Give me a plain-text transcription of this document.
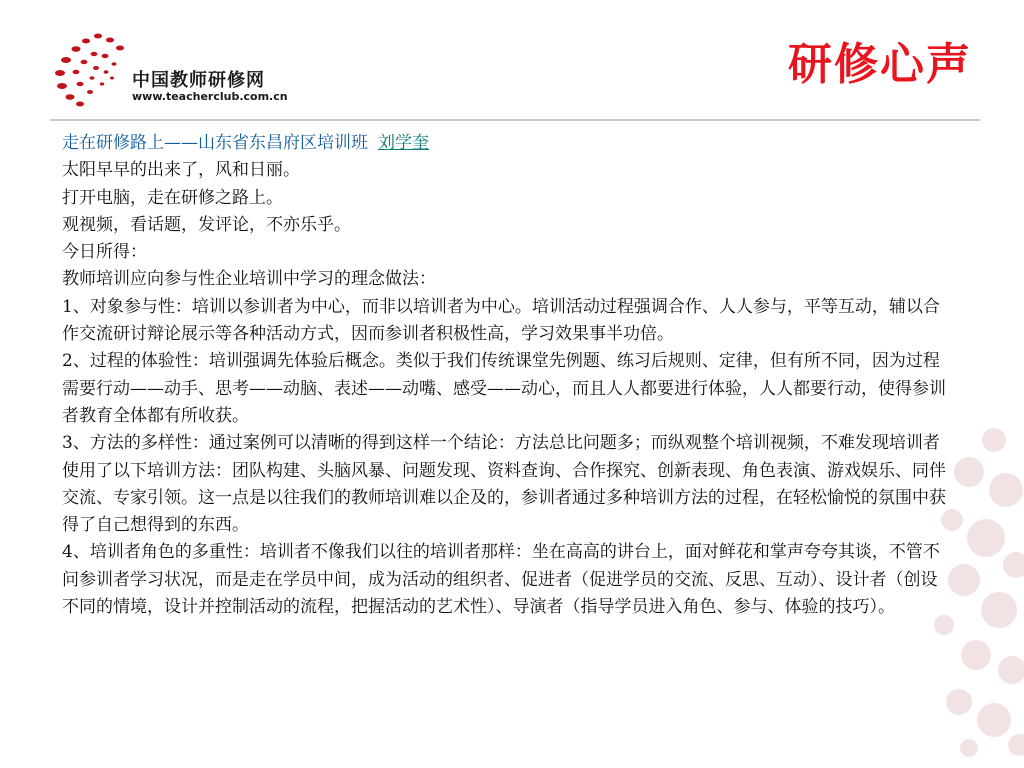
中国教师研修网
www.teacherclub.com.cn
研修心声

走在研修路上——山东省东昌府区培训班 刘学奎

太阳早早的出来了，风和日丽。

打开电脑，走在研修之路上。

观视频，看话题，发评论，不亦乐乎。

今日所得：

教师培训应向参与性企业培训中学习的理念做法：

1、对象参与性：培训以参训者为中心，而非以培训者为中心。培训活动过程强调合作、人人参与，平等互动，辅以合作交流研讨辩论展示等各种活动方式，因而参训者积极性高，学习效果事半功倍。

2、过程的体验性：培训强调先体验后概念。类似于我们传统课堂先例题、练习后规则、定律，但有所不同，因为过程需要行动——动手、思考——动脑、表述——动嘴、感受——动心，而且人人都要进行体验，人人都要行动，使得参训者教育全体都有所收获。

3、方法的多样性：通过案例可以清晰的得到这样一个结论：方法总比问题多；而纵观整个培训视频，不难发现培训者使用了以下培训方法：团队构建、头脑风暴、问题发现、资料查询、合作探究、创新表现、角色表演、游戏娱乐、同伴交流、专家引领。这一点是以往我们的教师培训难以企及的，参训者通过多种培训方法的过程，在轻松愉悦的氛围中获得了自己想得到的东西。

4、培训者角色的多重性：培训者不像我们以往的培训者那样：坐在高高的讲台上，面对鲜花和掌声夸夸其谈，不管不问参训者学习状况，而是走在学员中间，成为活动的组织者、促进者（促进学员的交流、反思、互动）、设计者（创设不同的情境，设计并控制活动的流程，把握活动的艺术性）、导演者（指导学员进入角色、参与、体验的技巧）。
